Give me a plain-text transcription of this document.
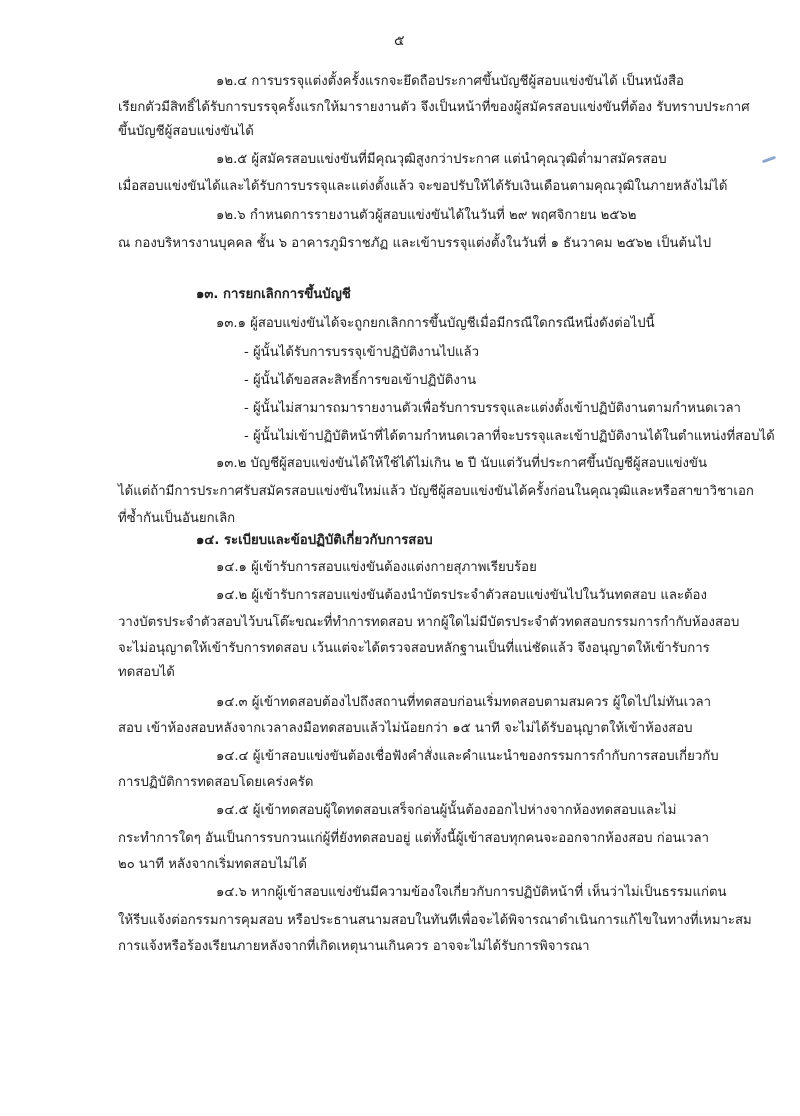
๕
๑๒.๔ การบรรจุแต่งตั้งครั้งแรกจะยึดถือประกาศขึ้นบัญชีผู้สอบแข่งขันได้ เป็นหนังสือ
เรียกตัวมีสิทธิ์ได้รับการบรรจุครั้งแรกให้มารายงานตัว จึงเป็นหน้าที่ของผู้สมัครสอบแข่งขันที่ต้อง รับทราบประกาศ
ขึ้นบัญชีผู้สอบแข่งขันได้
๑๒.๕ ผู้สมัครสอบแข่งขันที่มีคุณวุฒิสูงกว่าประกาศ แต่นำคุณวุฒิต่ำมาสมัครสอบ
เมื่อสอบแข่งขันได้และได้รับการบรรจุและแต่งตั้งแล้ว จะขอปรับให้ได้รับเงินเดือนตามคุณวุฒิในภายหลังไม่ได้
๑๒.๖ กำหนดการรายงานตัวผู้สอบแข่งขันได้ในวันที่ ๒๙ พฤศจิกายน ๒๕๖๒
ณ กองบริหารงานบุคคล ชั้น ๖ อาคารภูมิราชภัฏ และเข้าบรรจุแต่งตั้งในวันที่ ๑ ธันวาคม ๒๕๖๒ เป็นต้นไป
๑๓. การยกเลิกการขึ้นบัญชี
๑๓.๑ ผู้สอบแข่งขันได้จะถูกยกเลิกการขึ้นบัญชีเมื่อมีกรณีใดกรณีหนึ่งดังต่อไปนี้
- ผู้นั้นได้รับการบรรจุเข้าปฏิบัติงานไปแล้ว
- ผู้นั้นได้ขอสละสิทธิ์การขอเข้าปฏิบัติงาน
- ผู้นั้นไม่สามารถมารายงานตัวเพื่อรับการบรรจุและแต่งตั้งเข้าปฏิบัติงานตามกำหนดเวลา
- ผู้นั้นไม่เข้าปฏิบัติหน้าที่ได้ตามกำหนดเวลาที่จะบรรจุและเข้าปฏิบัติงานได้ในตำแหน่งที่สอบได้
๑๓.๒ บัญชีผู้สอบแข่งขันได้ให้ใช้ได้ไม่เกิน ๒ ปี นับแต่วันที่ประกาศขึ้นบัญชีผู้สอบแข่งขัน
ได้แต่ถ้ามีการประกาศรับสมัครสอบแข่งขันใหม่แล้ว บัญชีผู้สอบแข่งขันได้ครั้งก่อนในคุณวุฒิและหรือสาขาวิชาเอก
ที่ซ้ำกันเป็นอันยกเลิก
๑๔. ระเบียบและข้อปฏิบัติเกี่ยวกับการสอบ
๑๔.๑ ผู้เข้ารับการสอบแข่งขันต้องแต่งกายสุภาพเรียบร้อย
๑๔.๒ ผู้เข้ารับการสอบแข่งขันต้องนำบัตรประจำตัวสอบแข่งขันไปในวันทดสอบ และต้อง
วางบัตรประจำตัวสอบไว้บนโต๊ะขณะที่ทำการทดสอบ หากผู้ใดไม่มีบัตรประจำตัวทดสอบกรรมการกำกับห้องสอบ
จะไม่อนุญาตให้เข้ารับการทดสอบ เว้นแต่จะได้ตรวจสอบหลักฐานเป็นที่แน่ชัดแล้ว จึงอนุญาตให้เข้ารับการ
ทดสอบได้
๑๔.๓ ผู้เข้าทดสอบต้องไปถึงสถานที่ทดสอบก่อนเริ่มทดสอบตามสมควร ผู้ใดไปไม่ทันเวลา
สอบ เข้าห้องสอบหลังจากเวลาลงมือทดสอบแล้วไม่น้อยกว่า ๑๕ นาที จะไม่ได้รับอนุญาตให้เข้าห้องสอบ
๑๔.๔ ผู้เข้าสอบแข่งขันต้องเชื่อฟังคำสั่งและคำแนะนำของกรรมการกำกับการสอบเกี่ยวกับ
การปฏิบัติการทดสอบโดยเคร่งครัด
๑๔.๕ ผู้เข้าทดสอบผู้ใดทดสอบเสร็จก่อนผู้นั้นต้องออกไปห่างจากห้องทดสอบและไม่
กระทำการใดๆ อันเป็นการรบกวนแก่ผู้ที่ยังทดสอบอยู่ แต่ทั้งนี้ผู้เข้าสอบทุกคนจะออกจากห้องสอบ ก่อนเวลา
๒๐ นาที หลังจากเริ่มทดสอบไม่ได้
๑๔.๖ หากผู้เข้าสอบแข่งขันมีความข้องใจเกี่ยวกับการปฏิบัติหน้าที่ เห็นว่าไม่เป็นธรรมแก่ตน
ให้รีบแจ้งต่อกรรมการคุมสอบ หรือประธานสนามสอบในทันทีเพื่อจะได้พิจารณาดำเนินการแก้ไขในทางที่เหมาะสม
การแจ้งหรือร้องเรียนภายหลังจากที่เกิดเหตุนานเกินควร อาจจะไม่ได้รับการพิจารณา
